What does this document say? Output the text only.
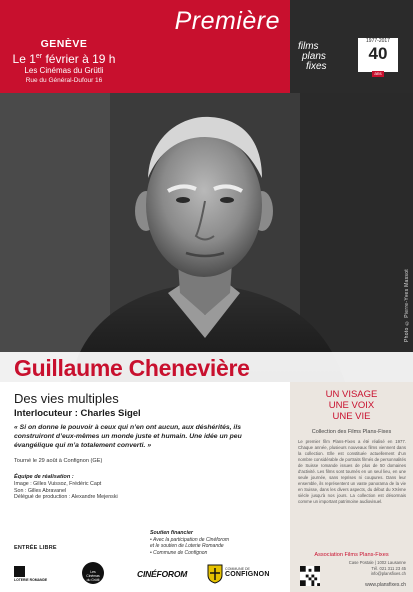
Première
GENÈVE
Le 1er février à 19 h
Les Cinémas du Grütli
Rue du Général-Dufour 16
films
plans
fixes
1977-2017
40
ans
Photo © Pierre-Yves Massot
Guillaume Chenevière
Des vies multiples
Interlocuteur : Charles Sigel
« Si on donne le pouvoir à ceux qui n’en ont aucun, aux déshérités, ils construiront d’eux-mêmes un monde juste et humain. Une idée un peu évangélique qui m’a totalement converti. »
Tourné le 29 août à Confignon (GE)
Équipe de réalisation :
Image : Gilles Vuissoz, Frédéric Capt
Son : Gilles Abravanel
Délégué de production : Alexandre Mejenski
Soutien financier
• Avec la participation de Cinéforom
et le soutien de Loterie Romande
• Commune de Confignon
ENTRÉE LIBRE
UN VISAGE
UNE VOIX
UNE VIE
Collection des Films Plans-Fixes
Le premier film Plans-Fixes a été réalisé en 1977. Chaque année, plusieurs nouveaux films viennent dans la collection. Elle est constituée actuellement d’un nombre considérable de portraits filmés de personnalités de Suisse romande issues de plus de 50 domaines d’activité. Les films sont tournés en un seul lieu, en une seule journée, sans reprises ni coupures. Dans leur ensemble, ils représentent un vaste panorama de la vie en Suisse, dans les divers aspects, du début du XXème siècle jusqu’à nos jours. La collection est désormais comme un important patrimoine audiovisuel.
Association Films Plans-Fixes
Case Postale | 1002 Lausanne
Tél. 021 311 23 45
info@plansfixes.ch
www.plansfixes.ch
LOTERIE ROMANDE
Les Cinémas du Grütli
CINÉFOROM	COMMUNE DE
CONFIGNON
